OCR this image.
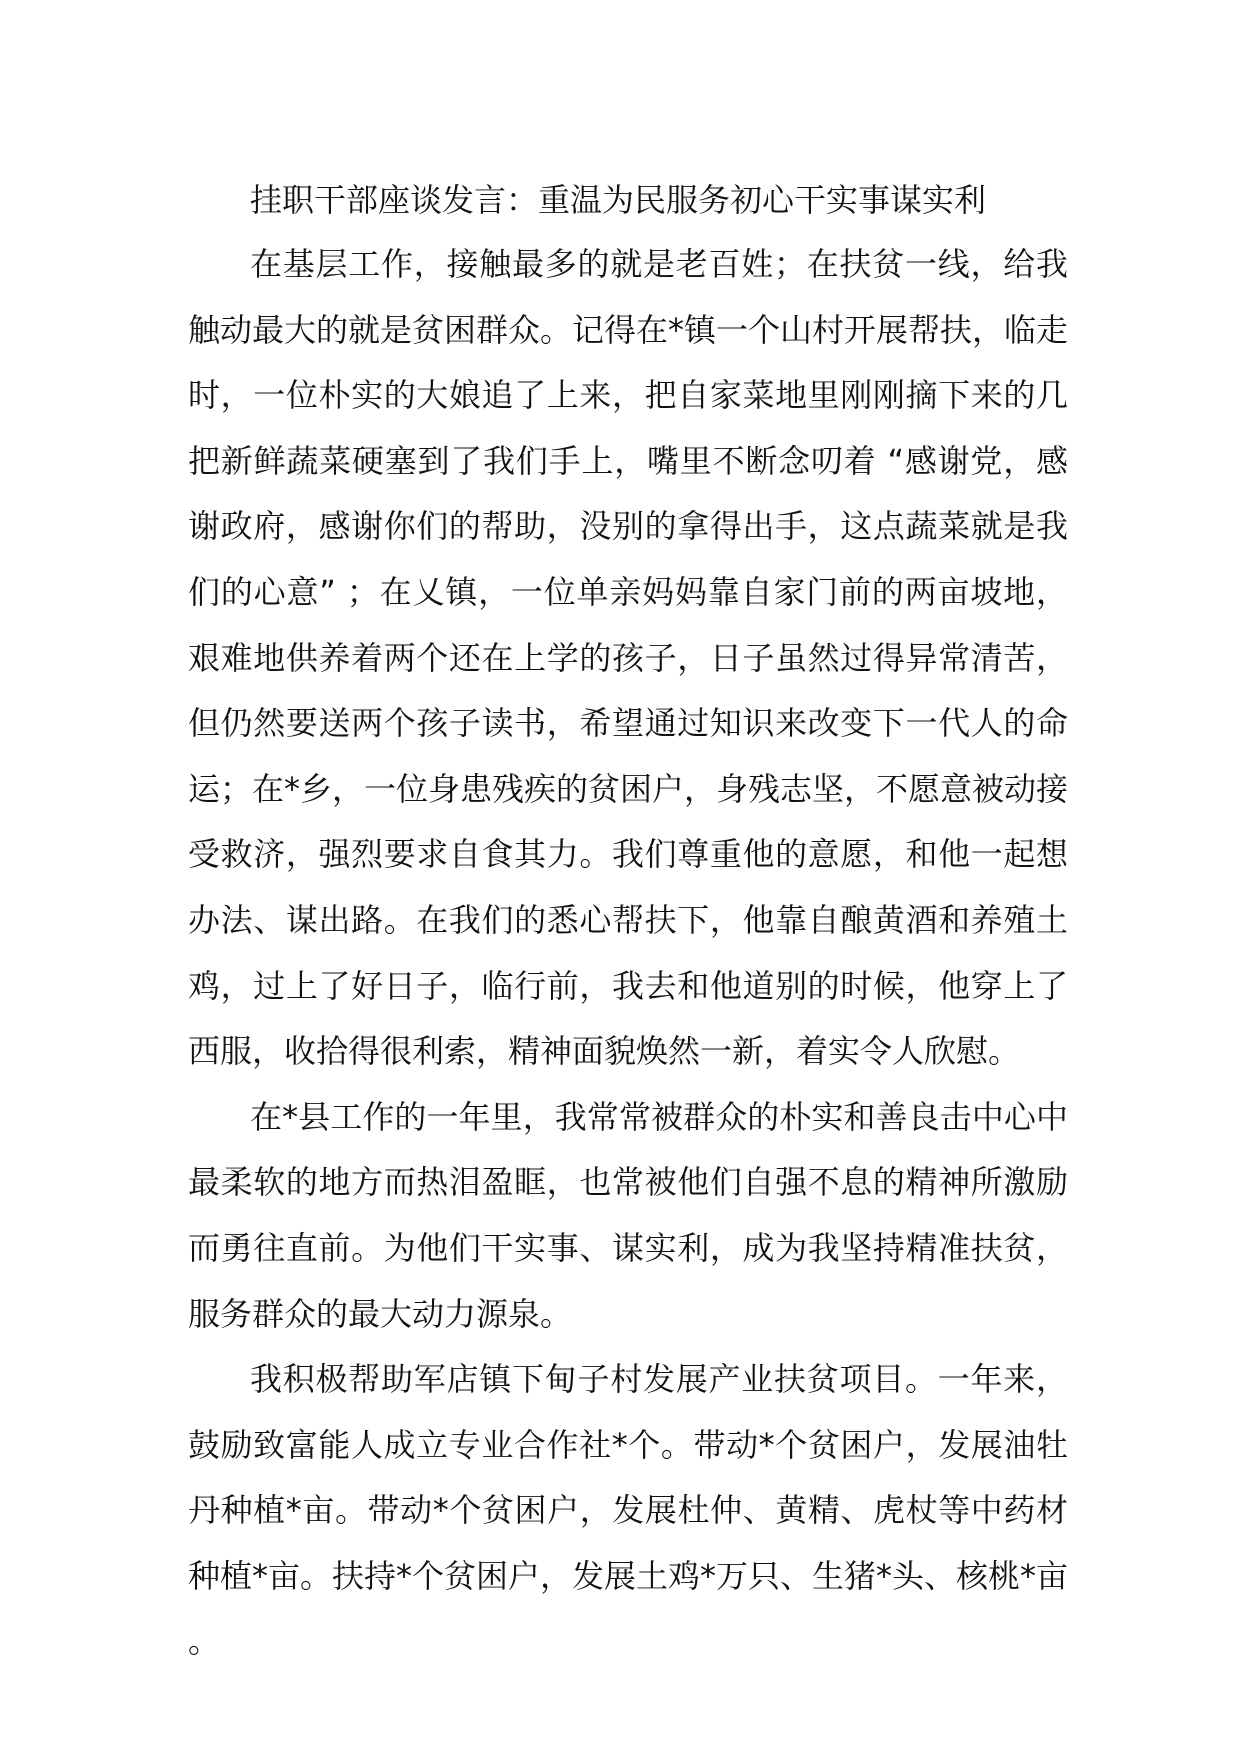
挂职干部座谈发言：重温为民服务初心干实事谋实利

在基层工作，接触最多的就是老百姓；在扶贫一线，给我触动最大的就是贫困群众。记得在*镇一个山村开展帮扶，临走时，一位朴实的大娘追了上来，把自家菜地里刚刚摘下来的几把新鲜蔬菜硬塞到了我们手上，嘴里不断念叨着 “感谢党，感谢政府，感谢你们的帮助，没别的拿得出手，这点蔬菜就是我们的心意” ；在乂镇，一位单亲妈妈靠自家门前的两亩坡地，艰难地供养着两个还在上学的孩子，日子虽然过得异常清苦，但仍然要送两个孩子读书，希望通过知识来改变下一代人的命运；在*乡，一位身患残疾的贫困户，身残志坚，不愿意被动接受救济，强烈要求自食其力。我们尊重他的意愿，和他一起想办法、谋出路。在我们的悉心帮扶下，他靠自酿黄酒和养殖土鸡，过上了好日子，临行前，我去和他道别的时候，他穿上了西服，收拾得很利索，精神面貌焕然一新，着实令人欣慰。

在*县工作的一年里，我常常被群众的朴实和善良击中心中最柔软的地方而热泪盈眶，也常被他们自强不息的精神所激励而勇往直前。为他们干实事、谋实利，成为我坚持精准扶贫，服务群众的最大动力源泉。

我积极帮助军店镇下甸子村发展产业扶贫项目。一年来，鼓励致富能人成立专业合作社*个。带动*个贫困户，发展油牡丹种植*亩。带动*个贫困户，发展杜仲、黄精、虎杖等中药材种植*亩。扶持*个贫困户，发展土鸡*万只、生猪*头、核桃*亩。
